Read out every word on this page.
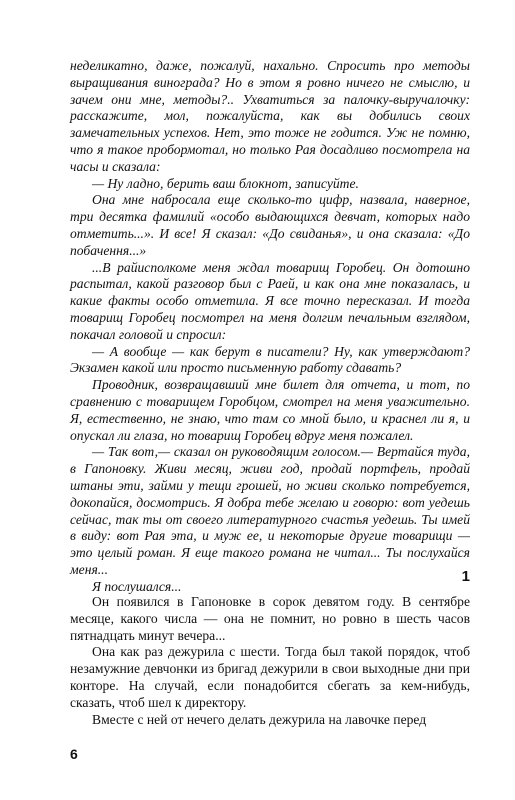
неделикатно, даже, пожалуй, нахально. Спросить про методы выращивания винограда? Но в этом я ровно ничего не смыслю, и зачем они мне, методы?.. Ухватиться за палочку-выручалочку: расскажите, мол, пожалуйста, как вы добились своих замечательных успехов. Нет, это тоже не годится. Уж не помню, что я такое пробормотал, но только Рая досадливо посмотрела на часы и сказала:

— Ну ладно, берить ваш блокнот, записуйте.

Она мне набросала еще сколько-то цифр, назвала, наверное, три десятка фамилий «особо выдающихся девчат, которых надо отметить...». И все! Я сказал: «До свиданья», и она сказала: «До побачення...»

...В райисполкоме меня ждал товарищ Горобец. Он дотошно распытал, какой разговор был с Раей, и как она мне показалась, и какие факты особо отметила. Я все точно пересказал. И тогда товарищ Горобец посмотрел на меня долгим печальным взглядом, покачал головой и спросил:

— А вообще — как берут в писатели? Ну, как утверждают? Экзамен какой или просто письменную работу сдавать?

Проводник, возвращавший мне билет для отчета, и тот, по сравнению с товарищем Горобцом, смотрел на меня уважительно. Я, естественно, не знаю, что там со мной было, и краснел ли я, и опускал ли глаза, но товарищ Горобец вдруг меня пожалел.

— Так вот,— сказал он руководящим голосом.— Вертайся туда, в Гапоновку. Живи месяц, живи год, продай портфель, продай штаны эти, займи у тещи грошей, но живи сколько потребуется, докопайся, досмотрись. Я добра тебе желаю и говорю: вот уедешь сейчас, так ты от своего литературного счастья уедешь. Ты имей в виду: вот Рая эта, и муж ее, и некоторые другие товарищи — это целый роман. Я еще такого романа не читал... Ты послухайся меня...

Я послушался...

1

Он появился в Гапоновке в сорок девятом году. В сентябре месяце, какого числа — она не помнит, но ровно в шесть часов пятнадцать минут вечера...

Она как раз дежурила с шести. Тогда был такой порядок, чтоб незамужние девчонки из бригад дежурили в свои выходные дни при конторе. На случай, если понадобится сбегать за кем-нибудь, сказать, чтоб шел к директору.

Вместе с ней от нечего делать дежурила на лавочке перед

6
